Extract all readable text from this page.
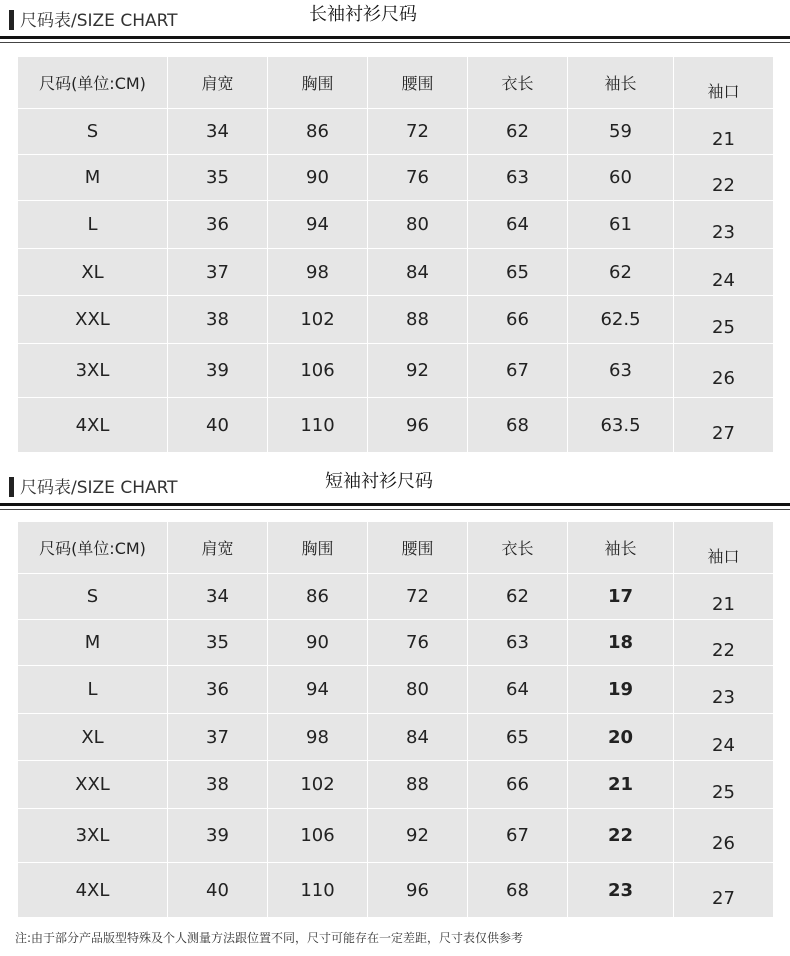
尺码表/SIZE CHART	长袖衬衫尺码
尺码(单位:CM)	肩宽	胸围	腰围	衣长	袖长	袖口
S	34	86	72	62	59	21
M	35	90	76	63	60	22
L	36	94	80	64	61	23
XL	37	98	84	65	62	24
XXL	38	102	88	66	62.5	25
3XL	39	106	92	67	63	26
4XL	40	110	96	68	63.5	27
尺码表/SIZE CHART	短袖衬衫尺码
尺码(单位:CM)	肩宽	胸围	腰围	衣长	袖长	袖口
S	34	86	72	62	17	21
M	35	90	76	63	18	22
L	36	94	80	64	19	23
XL	37	98	84	65	20	24
XXL	38	102	88	66	21	25
3XL	39	106	92	67	22	26
4XL	40	110	96	68	23	27
注:由于部分产品版型特殊及个人测量方法跟位置不同，尺寸可能存在一定差距，尺寸表仅供参考
